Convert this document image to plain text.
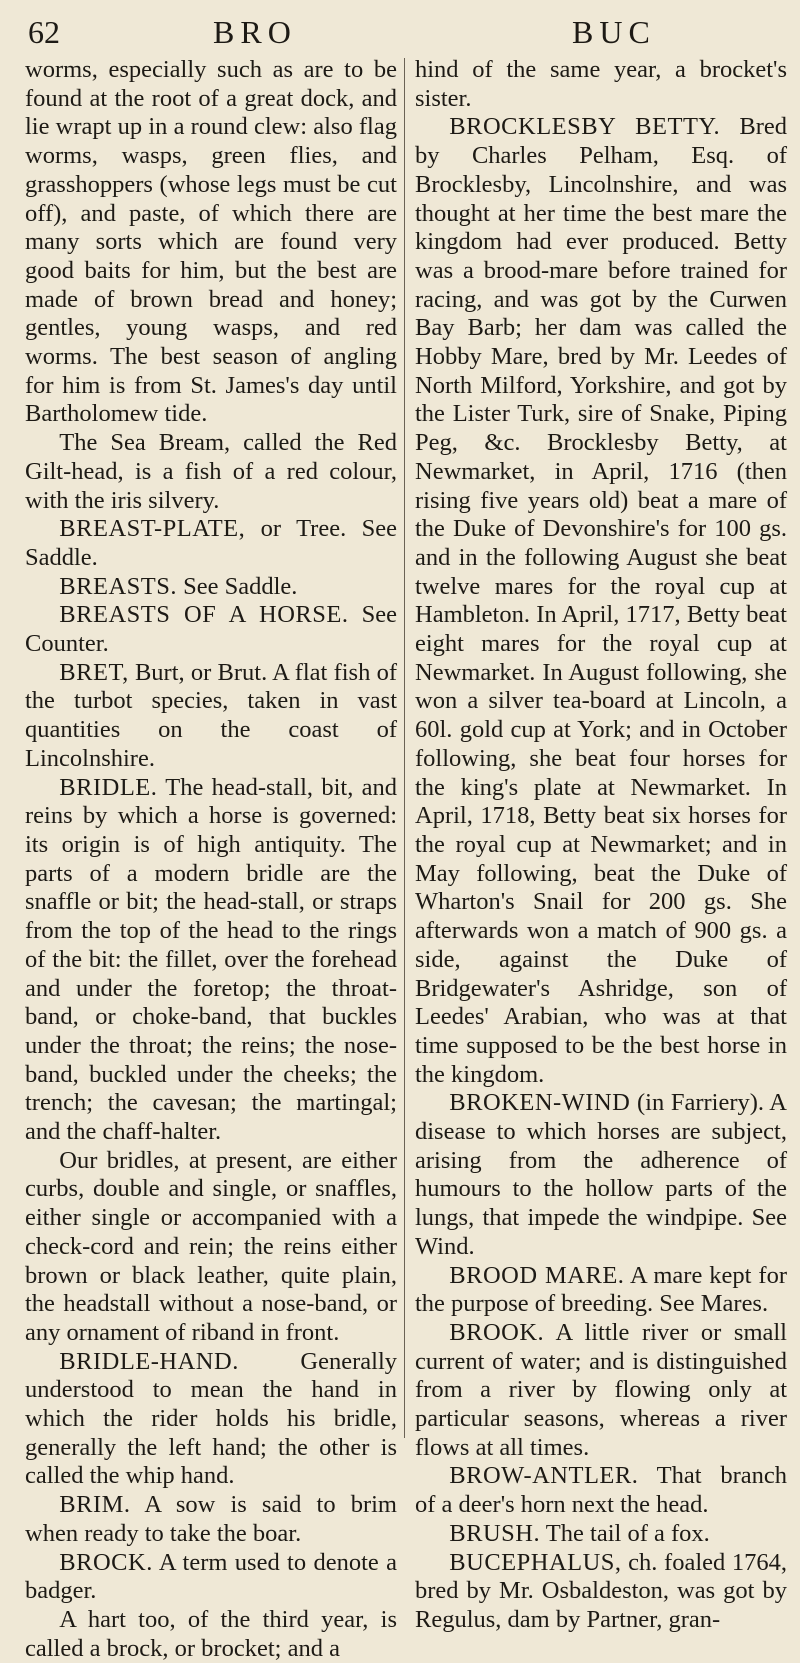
62	BRO	BUC

worms, especially such as are to be found at the root of a great dock, and lie wrapt up in a round clew: also flag worms, wasps, green flies, and grasshoppers (whose legs must be cut off), and paste, of which there are many sorts which are found very good baits for him, but the best are made of brown bread and honey; gentles, young wasps, and red worms. The best season of angling for him is from St. James's day until Bartholomew tide.

The Sea Bream, called the Red Gilt-head, is a fish of a red colour, with the iris silvery.

BREAST-PLATE, or Tree. See Saddle.

BREASTS. See Saddle.

BREASTS OF A HORSE. See Counter.

BRET, Burt, or Brut. A flat fish of the turbot species, taken in vast quantities on the coast of Lincolnshire.

BRIDLE. The head-stall, bit, and reins by which a horse is governed: its origin is of high antiquity. The parts of a modern bridle are the snaffle or bit; the head-stall, or straps from the top of the head to the rings of the bit: the fillet, over the forehead and under the foretop; the throat-band, or choke-band, that buckles under the throat; the reins; the nose-band, buckled under the cheeks; the trench; the cavesan; the martingal; and the chaff-halter.

Our bridles, at present, are either curbs, double and single, or snaffles, either single or accompanied with a check-cord and rein; the reins either brown or black leather, quite plain, the headstall without a nose-band, or any ornament of riband in front.

BRIDLE-HAND. Generally understood to mean the hand in which the rider holds his bridle, generally the left hand; the other is called the whip hand.

BRIM. A sow is said to brim when ready to take the boar.

BROCK. A term used to denote a badger.

A hart too, of the third year, is called a brock, or brocket; and a

hind of the same year, a brocket's sister.

BROCKLESBY BETTY. Bred by Charles Pelham, Esq. of Brocklesby, Lincolnshire, and was thought at her time the best mare the kingdom had ever produced. Betty was a brood-mare before trained for racing, and was got by the Curwen Bay Barb; her dam was called the Hobby Mare, bred by Mr. Leedes of North Milford, Yorkshire, and got by the Lister Turk, sire of Snake, Piping Peg, &c. Brocklesby Betty, at Newmarket, in April, 1716 (then rising five years old) beat a mare of the Duke of Devonshire's for 100 gs. and in the following August she beat twelve mares for the royal cup at Hambleton. In April, 1717, Betty beat eight mares for the royal cup at Newmarket. In August following, she won a silver tea-board at Lincoln, a 60l. gold cup at York; and in October following, she beat four horses for the king's plate at Newmarket. In April, 1718, Betty beat six horses for the royal cup at Newmarket; and in May following, beat the Duke of Wharton's Snail for 200 gs. She afterwards won a match of 900 gs. a side, against the Duke of Bridgewater's Ashridge, son of Leedes' Arabian, who was at that time supposed to be the best horse in the kingdom.

BROKEN-WIND (in Farriery). A disease to which horses are subject, arising from the adherence of humours to the hollow parts of the lungs, that impede the windpipe. See Wind.

BROOD MARE. A mare kept for the purpose of breeding. See Mares.

BROOK. A little river or small current of water; and is distinguished from a river by flowing only at particular seasons, whereas a river flows at all times.

BROW-ANTLER. That branch of a deer's horn next the head.

BRUSH. The tail of a fox.

BUCEPHALUS, ch. foaled 1764, bred by Mr. Osbaldeston, was got by Regulus, dam by Partner, gran-
